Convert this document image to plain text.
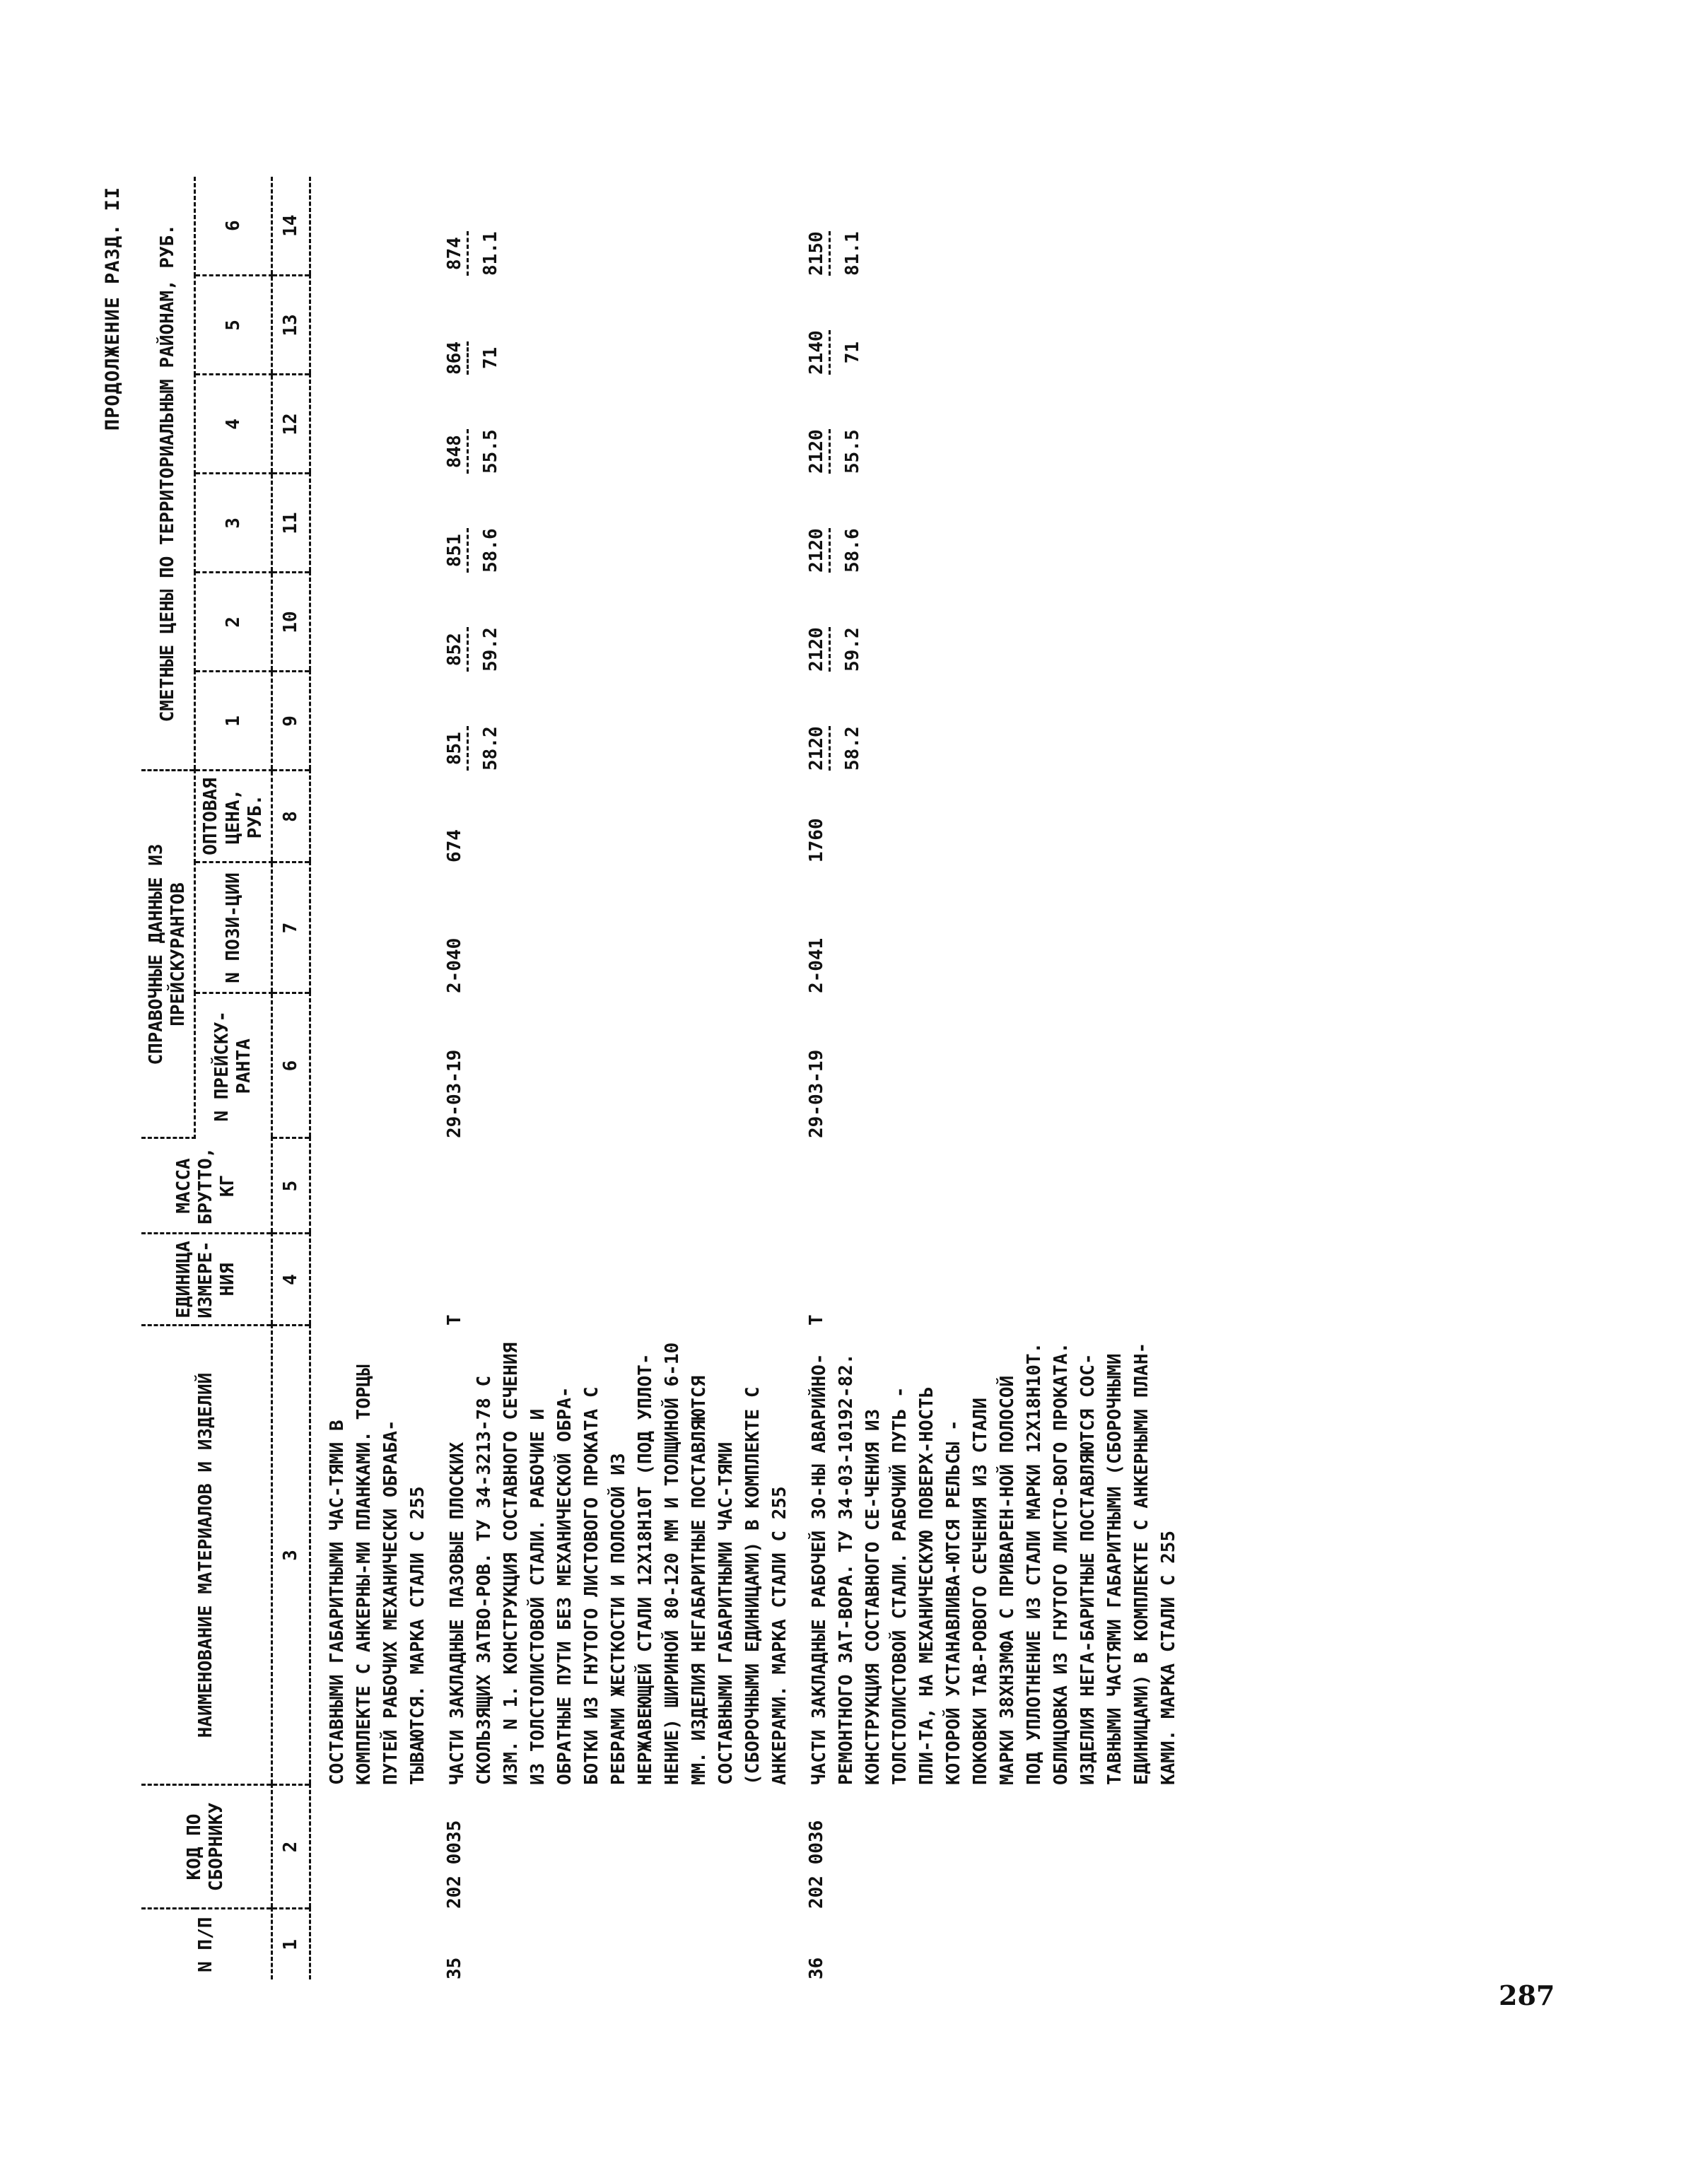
ПРОДОЛЖЕНИЕ РАЗД. II
N П/П	КОД ПО СБОРНИКУ	НАИМЕНОВАНИЕ МАТЕРИАЛОВ И ИЗДЕЛИЙ	ЕДИНИЦА ИЗМЕРЕ-НИЯ	МАССА БРУТТО, КГ	СПРАВОЧНЫЕ ДАННЫЕ ИЗ ПРЕЙСКУРАНТОВ			СМЕТНЫЕ ЦЕНЫ ПО ТЕРРИТОРИАЛЬНЫМ РАЙОНАМ, РУБ.					
					N ПРЕЙСКУ-РАНТА	N ПОЗИ-ЦИИ	ОПТОВАЯ ЦЕНА, РУБ.	1	2	3	4	5	6
1	2	3	4	5	6	7	8	9	10	11	12	13	14
		СОСТАВНЫМИ ГАБАРИТНЫМИ ЧАС-ТЯМИ В КОМПЛЕКТЕ С АНКЕРНЫ-МИ ПЛАНКАМИ. ТОРЦЫ ПУТЕЙ РАБОЧИХ МЕХАНИЧЕСКИ ОБРАБА-ТЫВАЮТСЯ. МАРКА СТАЛИ С 255											
35	202 0035	ЧАСТИ ЗАКЛАДНЫЕ ПАЗОВЫЕ ПЛОСКИХ СКОЛЬЗЯЩИХ ЗАТВО-РОВ. ТУ 34-3213-78 С ИЗМ. N 1. КОНСТРУКЦИЯ СОСТАВНОГО СЕЧЕНИЯ ИЗ ТОЛСТОЛИСТОВОЙ СТАЛИ. РАБОЧИЕ И ОБРАТНЫЕ ПУТИ БЕЗ МЕХАНИЧЕСКОЙ ОБРА-БОТКИ ИЗ ГНУТОГО ЛИСТОВОГО ПРОКАТА С РЕБРАМИ ЖЕСТКОСТИ И ПОЛОСОЙ ИЗ НЕРЖАВЕЮЩЕЙ СТАЛИ 12Х18Н10Т (ПОД УПЛОТ-НЕНИЕ) ШИРИНОЙ 80-120 ММ И ТОЛЩИНОЙ 6-10 ММ. ИЗДЕЛИЯ НЕГАБАРИТНЫЕ ПОСТАВЛЯЮТСЯ СОСТАВНЫМИ ГАБАРИТНЫМИ ЧАС-ТЯМИ (СБОРОЧНЫМИ ЕДИНИЦАМИ) В КОМПЛЕКТЕ С АНКЕРАМИ. МАРКА СТАЛИ С 255	Т		29-03-19	2-040	674	851 58.2	852 59.2	851 58.6	848 55.5	864 71	874 81.1

36	202 0036	ЧАСТИ ЗАКЛАДНЫЕ РАБОЧЕЙ ЗО-НЫ АВАРИЙНО-РЕМОНТНОГО ЗАТ-ВОРА. ТУ 34-03-10192-82. КОНСТРУКЦИЯ СОСТАВНОГО СЕ-ЧЕНИЯ ИЗ ТОЛСТОЛИСТОВОЙ СТАЛИ. РАБОЧИЙ ПУТЬ - ПЛИ-ТА, НА МЕХАНИЧЕСКУЮ ПОВЕРХ-НОСТЬ КОТОРОЙ УСТАНАВЛИВА-ЮТСЯ РЕЛЬСЫ - ПОКОВКИ ТАВ-РОВОГО СЕЧЕНИЯ ИЗ СТАЛИ МАРКИ 38ХН3МФА С ПРИВАРЕН-НОЙ ПОЛОСОЙ ПОД УПЛОТНЕНИЕ ИЗ СТАЛИ МАРКИ 12Х18Н10Т. ОБЛИЦОВКА ИЗ ГНУТОГО ЛИСТО-ВОГО ПРОКАТА. ИЗДЕЛИЯ НЕГА-БАРИТНЫЕ ПОСТАВЛЯЮТСЯ СОС-ТАВНЫМИ ЧАСТЯМИ ГАБАРИТНЫМИ (СБОРОЧНЫМИ ЕДИНИЦАМИ) В КОМПЛЕКТЕ С АНКЕРНЫМИ ПЛАН-КАМИ. МАРКА СТАЛИ С 255	Т		29-03-19	2-041	1760	2120 58.2	2120 59.2	2120 58.6	2120 55.5	2140 71	2150 81.1
287
